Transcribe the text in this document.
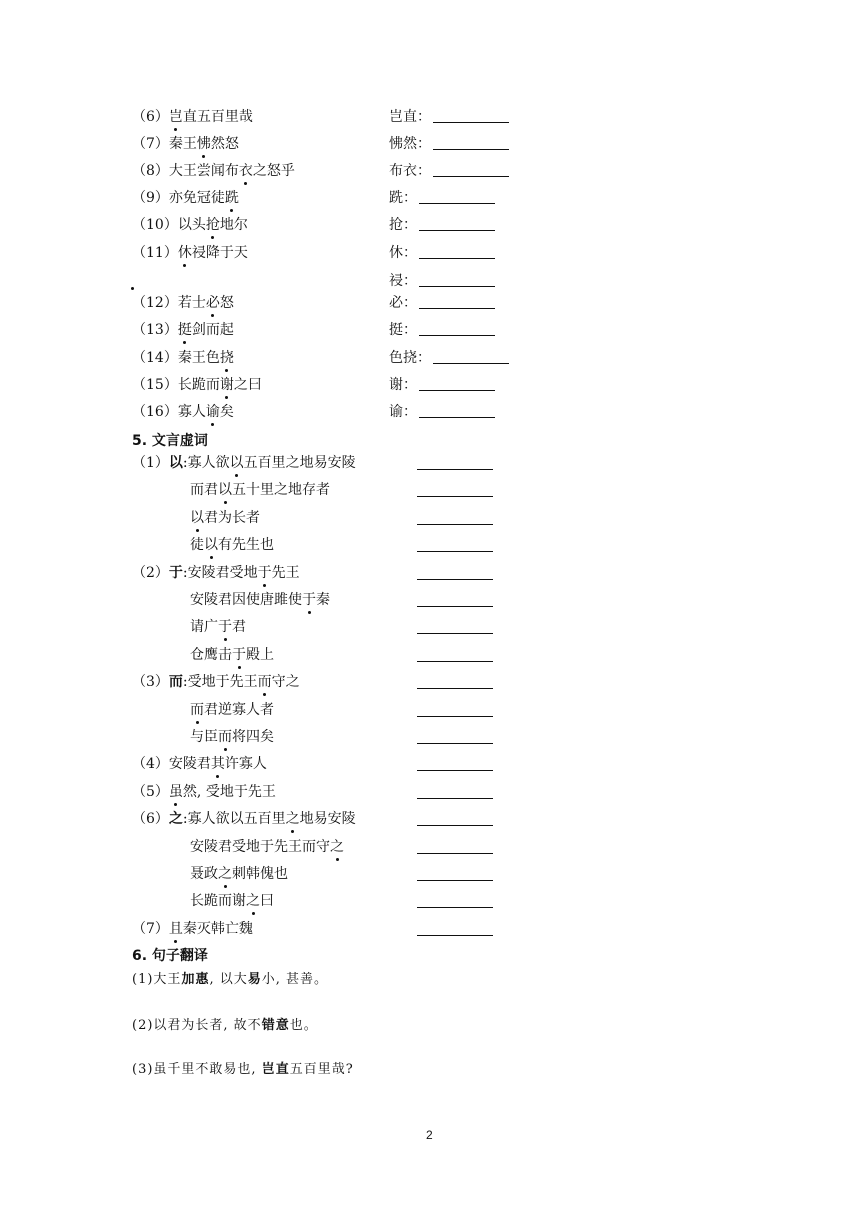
（6）岂直五百里哉	岂直：
（7）秦王怫然怒	怫然：
（8）大王尝闻布衣之怒乎	布衣：
（9）亦免冠徒跣	跣：
（10）以头抢地尔	抢：
（11）休祲降于天	休：
祲：
（12）若士必怒	必：
（13）挺剑而起	挺：
（14）秦王色挠	色挠：
（15）长跪而谢之曰	谢：
（16）寡人谕矣	谕：
5. 文言虚词
（1）以:寡人欲以五百里之地易安陵
而君以五十里之地存者
以君为长者
徒以有先生也
（2）于:安陵君受地于先王
安陵君因使唐雎使于秦
请广于君
仓鹰击于殿上
（3）而:受地于先王而守之
而君逆寡人者
与臣而将四矣
（4）安陵君其许寡人
（5）虽然, 受地于先王
（6）之:寡人欲以五百里之地易安陵
安陵君受地于先王而守之
聂政之刺韩傀也
长跪而谢之曰
（7）且秦灭韩亡魏
6. 句子翻译
(1)大王加惠, 以大易小, 甚善。
(2)以君为长者, 故不错意也。
(3)虽千里不敢易也, 岂直五百里哉?
2
